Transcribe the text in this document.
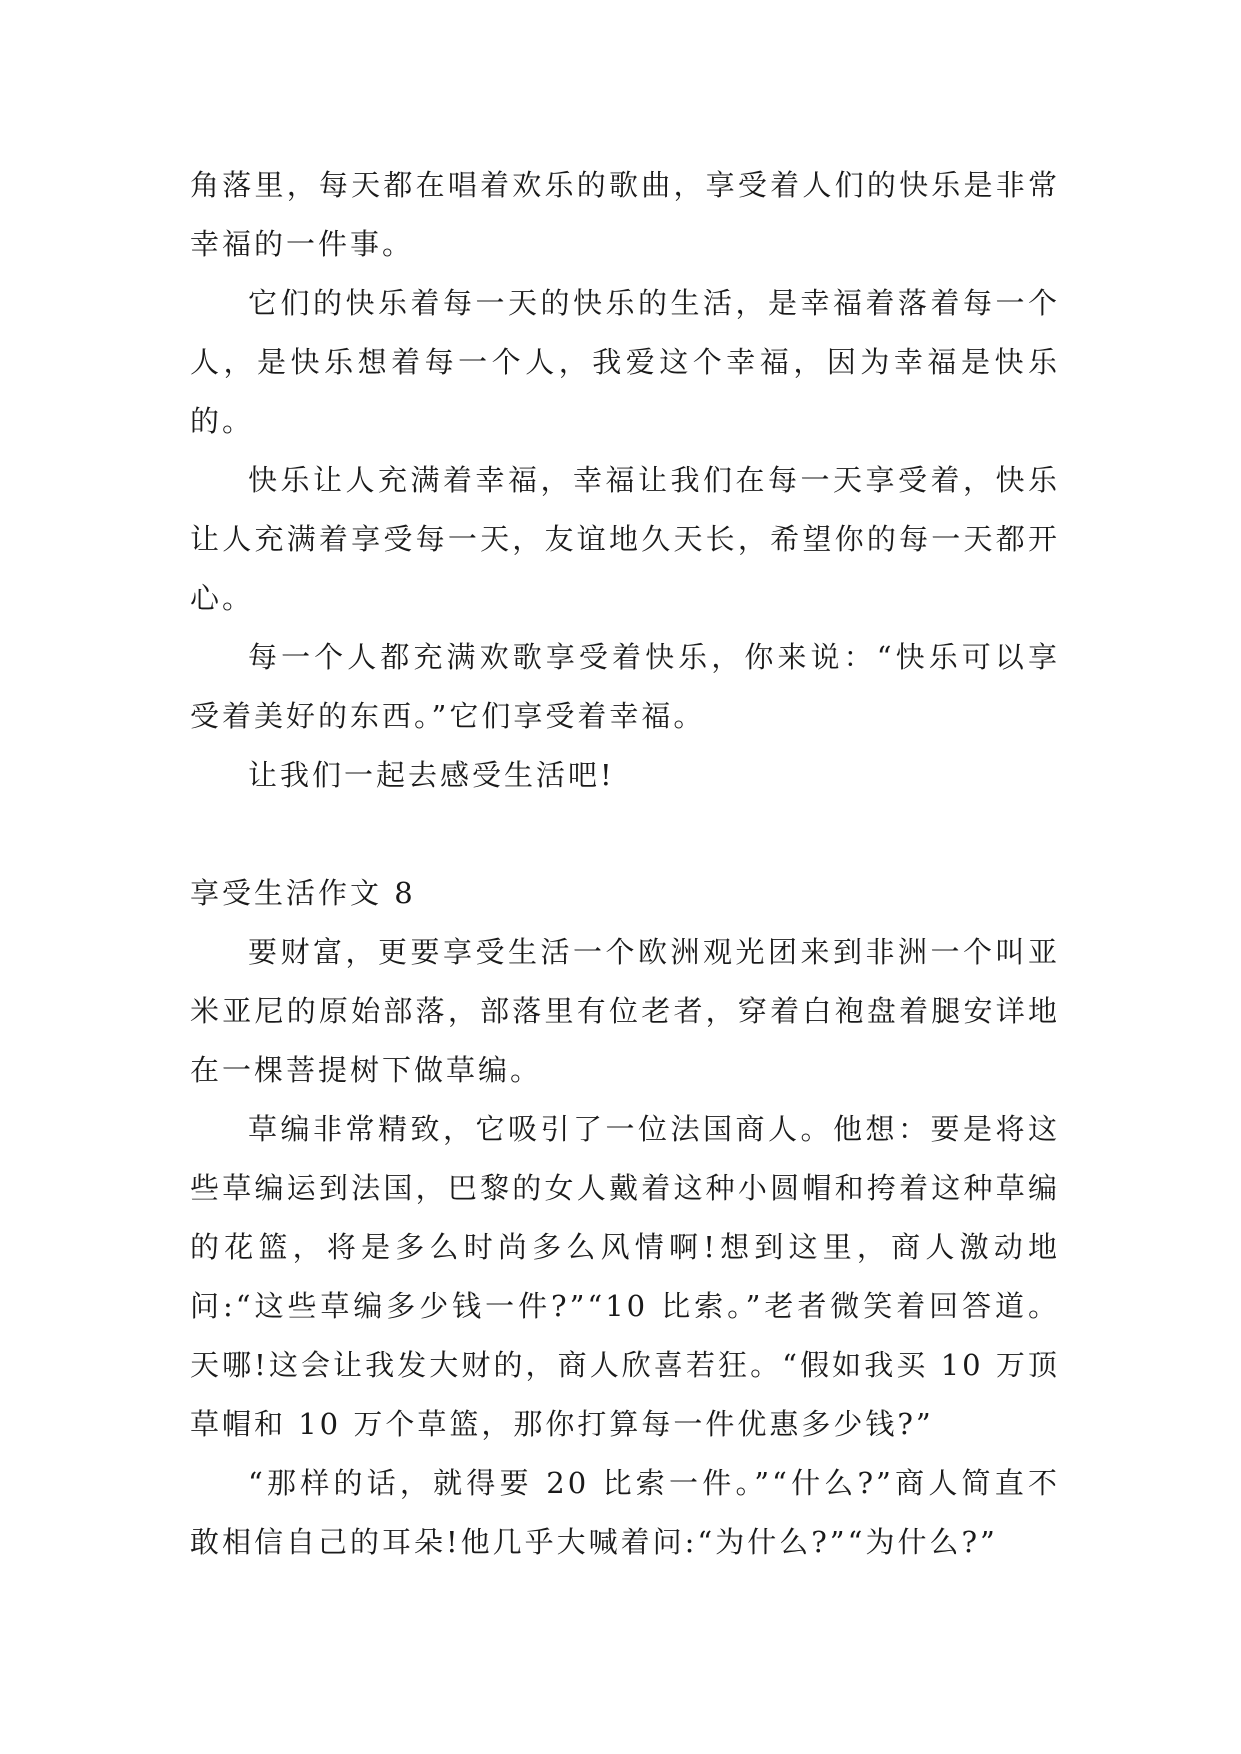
角落里，每天都在唱着欢乐的歌曲，享受着人们的快乐是非常幸福的一件事。

它们的快乐着每一天的快乐的生活，是幸福着落着每一个人，是快乐想着每一个人，我爱这个幸福，因为幸福是快乐的。

快乐让人充满着幸福，幸福让我们在每一天享受着，快乐让人充满着享受每一天，友谊地久天长，希望你的每一天都开心。

每一个人都充满欢歌享受着快乐，你来说：“快乐可以享受着美好的东西。”它们享受着幸福。

让我们一起去感受生活吧!

享受生活作文 8

要财富，更要享受生活一个欧洲观光团来到非洲一个叫亚米亚尼的原始部落，部落里有位老者，穿着白袍盘着腿安详地在一棵菩提树下做草编。

草编非常精致，它吸引了一位法国商人。他想：要是将这些草编运到法国，巴黎的女人戴着这种小圆帽和挎着这种草编的花篮，将是多么时尚多么风情啊!想到这里，商人激动地问:“这些草编多少钱一件?”“10 比索。”老者微笑着回答道。天哪!这会让我发大财的，商人欣喜若狂。“假如我买 10 万顶草帽和 10 万个草篮，那你打算每一件优惠多少钱?”

“那样的话，就得要 20 比索一件。”“什么?”商人简直不敢相信自己的耳朵!他几乎大喊着问:“为什么?”“为什么?”
